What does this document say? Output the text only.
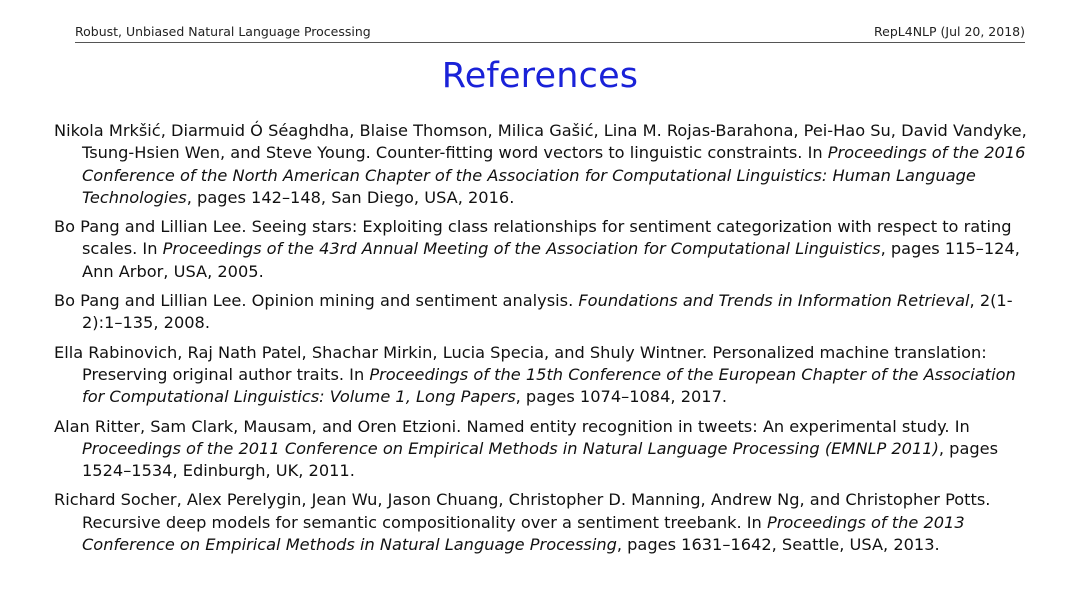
Robust, Unbiased Natural Language Processing	RepL4NLP (Jul 20, 2018)
References
Nikola Mrkšić, Diarmuid Ó Séaghdha, Blaise Thomson, Milica Gašić, Lina M. Rojas-Barahona, Pei-Hao Su, David Vandyke, Tsung-Hsien Wen, and Steve Young. Counter-fitting word vectors to linguistic constraints. In Proceedings of the 2016 Conference of the North American Chapter of the Association for Computational Linguistics: Human Language Technologies, pages 142–148, San Diego, USA, 2016.
Bo Pang and Lillian Lee. Seeing stars: Exploiting class relationships for sentiment categorization with respect to rating scales. In Proceedings of the 43rd Annual Meeting of the Association for Computational Linguistics, pages 115–124, Ann Arbor, USA, 2005.
Bo Pang and Lillian Lee. Opinion mining and sentiment analysis. Foundations and Trends in Information Retrieval, 2(1-2):1–135, 2008.
Ella Rabinovich, Raj Nath Patel, Shachar Mirkin, Lucia Specia, and Shuly Wintner. Personalized machine translation: Preserving original author traits. In Proceedings of the 15th Conference of the European Chapter of the Association for Computational Linguistics: Volume 1, Long Papers, pages 1074–1084, 2017.
Alan Ritter, Sam Clark, Mausam, and Oren Etzioni. Named entity recognition in tweets: An experimental study. In Proceedings of the 2011 Conference on Empirical Methods in Natural Language Processing (EMNLP 2011), pages 1524–1534, Edinburgh, UK, 2011.
Richard Socher, Alex Perelygin, Jean Wu, Jason Chuang, Christopher D. Manning, Andrew Ng, and Christopher Potts. Recursive deep models for semantic compositionality over a sentiment treebank. In Proceedings of the 2013 Conference on Empirical Methods in Natural Language Processing, pages 1631–1642, Seattle, USA, 2013.
